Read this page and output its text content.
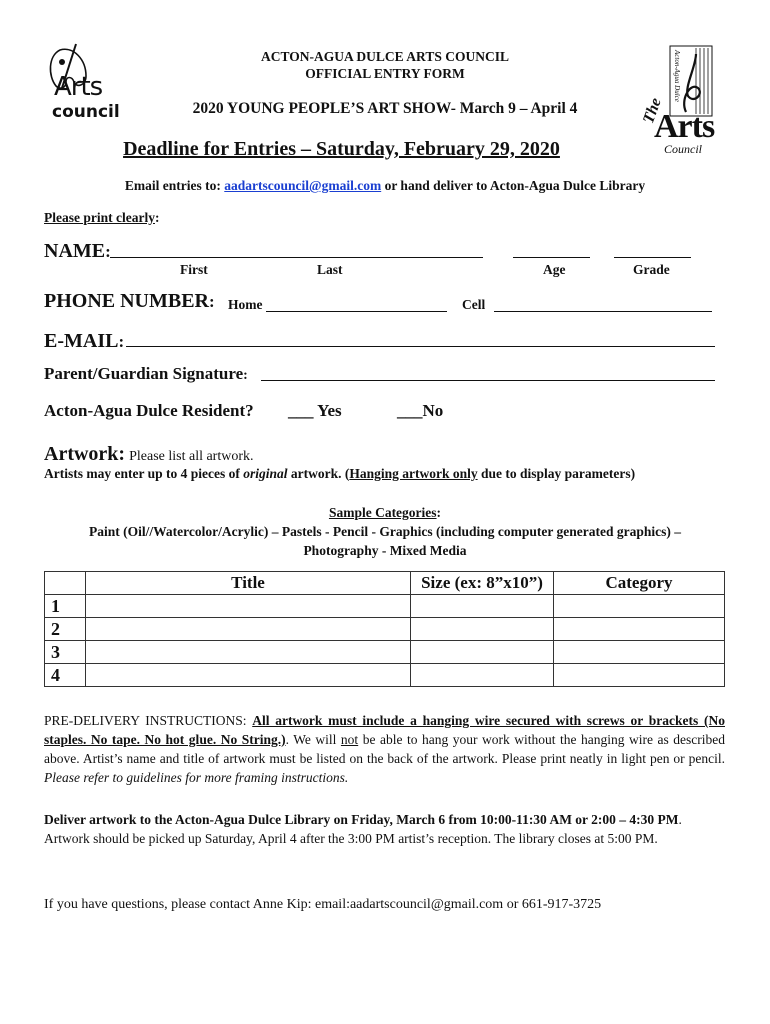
Arts
council
Acton-Agua Dulce
The
Arts
Council
ACTON-AGUA DULCE ARTS COUNCIL
OFFICIAL ENTRY FORM
2020 YOUNG PEOPLE’S ART SHOW- March 9 – April 4
Deadline for Entries – Saturday, February 29, 2020
Email entries to: aadartscouncil@gmail.com or hand deliver to Acton-Agua Dulce Library
Please print clearly:
NAME:
First	Last	Age	Grade
PHONE NUMBER: Home	Cell
E-MAIL:
Parent/Guardian Signature:
Acton-Agua Dulce Resident? ___ Yes	___No
Artwork: Please list all artwork.
Artists may enter up to 4 pieces of original artwork. (Hanging artwork only due to display parameters)
Sample Categories:
Paint (Oil//Watercolor/Acrylic) – Pastels - Pencil - Graphics (including computer generated graphics) –
Photography - Mixed Media
	Title	Size (ex: 8”x10”)	Category
1			
2			
3			
4			
PRE-DELIVERY INSTRUCTIONS: All artwork must include a hanging wire secured with screws or brackets (No staples. No tape. No hot glue. No String.). We will not be able to hang your work without the hanging wire as described above. Artist’s name and title of artwork must be listed on the back of the artwork. Please print neatly in light pen or pencil. Please refer to guidelines for more framing instructions.
Deliver artwork to the Acton-Agua Dulce Library on Friday, March 6 from 10:00-11:30 AM or 2:00 – 4:30 PM. Artwork should be picked up Saturday, April 4 after the 3:00 PM artist’s reception. The library closes at 5:00 PM.
If you have questions, please contact Anne Kip: email:aadartscouncil@gmail.com or 661-917-3725
